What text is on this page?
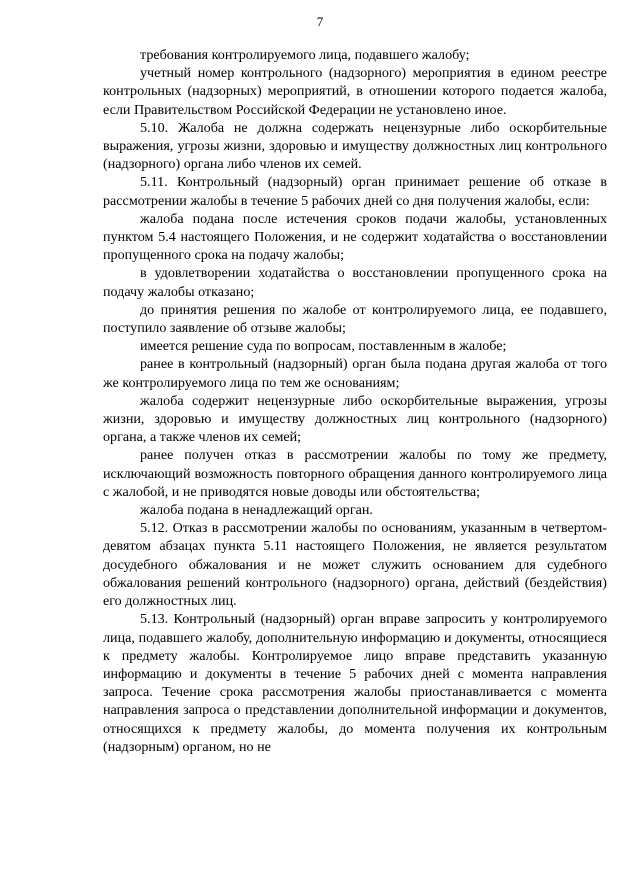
7

требования контролируемого лица, подавшего жалобу;

учетный номер контрольного (надзорного) мероприятия в едином реестре контрольных (надзорных) мероприятий, в отношении которого подается жалоба, если Правительством Российской Федерации не установлено иное.

5.10. Жалоба не должна содержать нецензурные либо оскорбительные выражения, угрозы жизни, здоровью и имуществу должностных лиц контрольного (надзорного) органа либо членов их семей.

5.11. Контрольный (надзорный) орган принимает решение об отказе в рассмотрении жалобы в течение 5 рабочих дней со дня получения жалобы, если:

жалоба подана после истечения сроков подачи жалобы, установленных пунктом 5.4 настоящего Положения, и не содержит ходатайства о восстановлении пропущенного срока на подачу жалобы;

в удовлетворении ходатайства о восстановлении пропущенного срока на подачу жалобы отказано;

до принятия решения по жалобе от контролируемого лица, ее подавшего, поступило заявление об отзыве жалобы;

имеется решение суда по вопросам, поставленным в жалобе;

ранее в контрольный (надзорный) орган была подана другая жалоба от того же контролируемого лица по тем же основаниям;

жалоба содержит нецензурные либо оскорбительные выражения, угрозы жизни, здоровью и имуществу должностных лиц контрольного (надзорного) органа, а также членов их семей;

ранее получен отказ в рассмотрении жалобы по тому же предмету, исключающий возможность повторного обращения данного контролируемого лица с жалобой, и не приводятся новые доводы или обстоятельства;

жалоба подана в ненадлежащий орган.

5.12. Отказ в рассмотрении жалобы по основаниям, указанным в четвертом-девятом абзацах пункта 5.11 настоящего Положения, не является результатом досудебного обжалования и не может служить основанием для судебного обжалования решений контрольного (надзорного) органа, действий (бездействия) его должностных лиц.

5.13. Контрольный (надзорный) орган вправе запросить у контролируемого лица, подавшего жалобу, дополнительную информацию и документы, относящиеся к предмету жалобы. Контролируемое лицо вправе представить указанную информацию и документы в течение 5 рабочих дней с момента направления запроса. Течение срока рассмотрения жалобы приостанавливается с момента направления запроса о представлении дополнительной информации и документов, относящихся к предмету жалобы, до момента получения их контрольным (надзорным) органом, но не
